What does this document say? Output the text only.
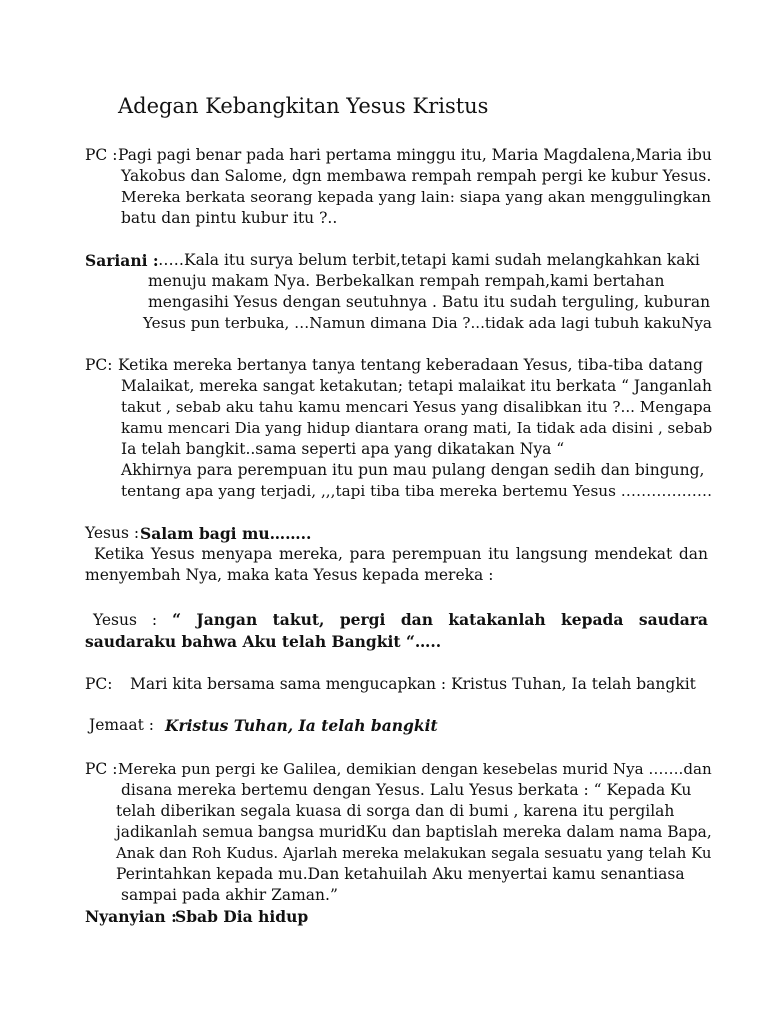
Adegan Kebangkitan Yesus Kristus
PC : Pagi pagi benar pada hari pertama minggu itu, Maria Magdalena,Maria ibu
Yakobus dan Salome, dgn membawa rempah rempah pergi ke kubur Yesus.
Mereka berkata seorang kepada yang lain: siapa yang akan menggulingkan
batu dan pintu kubur itu ?..
Sariani :
……Kala itu surya belum terbit,tetapi kami sudah melangkahkan kaki
menuju makam Nya. Berbekalkan rempah rempah,kami bertahan
mengasihi Yesus dengan seutuhnya . Batu itu sudah terguling, kuburan
Yesus pun terbuka, …Namun dimana Dia ?...tidak ada lagi tubuh kakuNya
PC: Ketika mereka bertanya tanya tentang keberadaan Yesus, tiba-tiba datang
Malaikat, mereka sangat ketakutan; tetapi malaikat itu berkata “ Janganlah
takut , sebab aku tahu kamu mencari Yesus yang disalibkan itu ?... Mengapa
kamu mencari Dia yang hidup diantara orang mati, Ia tidak ada disini , sebab
Ia telah bangkit..sama seperti apa yang dikatakan Nya “
Akhirnya para perempuan itu pun mau pulang dengan sedih dan bingung,
tentang apa yang terjadi, ,,,tapi tiba tiba mereka bertemu Yesus ………………
Yesus : Salam bagi mu……..
Ketika Yesus menyapa mereka, para perempuan itu langsung mendekat dan menyembah Nya, maka kata Yesus kepada mereka :
Yesus : “ Jangan takut, pergi dan katakanlah kepada saudara saudaraku bahwa Aku telah Bangkit “…..
PC: Mari kita bersama sama mengucapkan : Kristus Tuhan, Ia telah bangkit
Jemaat : Kristus Tuhan, Ia telah bangkit
PC : Mereka pun pergi ke Galilea, demikian dengan kesebelas murid Nya …….dan
disana mereka bertemu dengan Yesus. Lalu Yesus berkata : “ Kepada Ku
telah diberikan segala kuasa di sorga dan di bumi , karena itu pergilah
jadikanlah semua bangsa muridKu dan baptislah mereka dalam nama Bapa,
Anak dan Roh Kudus. Ajarlah mereka melakukan segala sesuatu yang telah Ku
Perintahkan kepada mu.Dan ketahuilah Aku menyertai kamu senantiasa
sampai pada akhir Zaman.”
Nyanyian :
Sbab Dia hidup
